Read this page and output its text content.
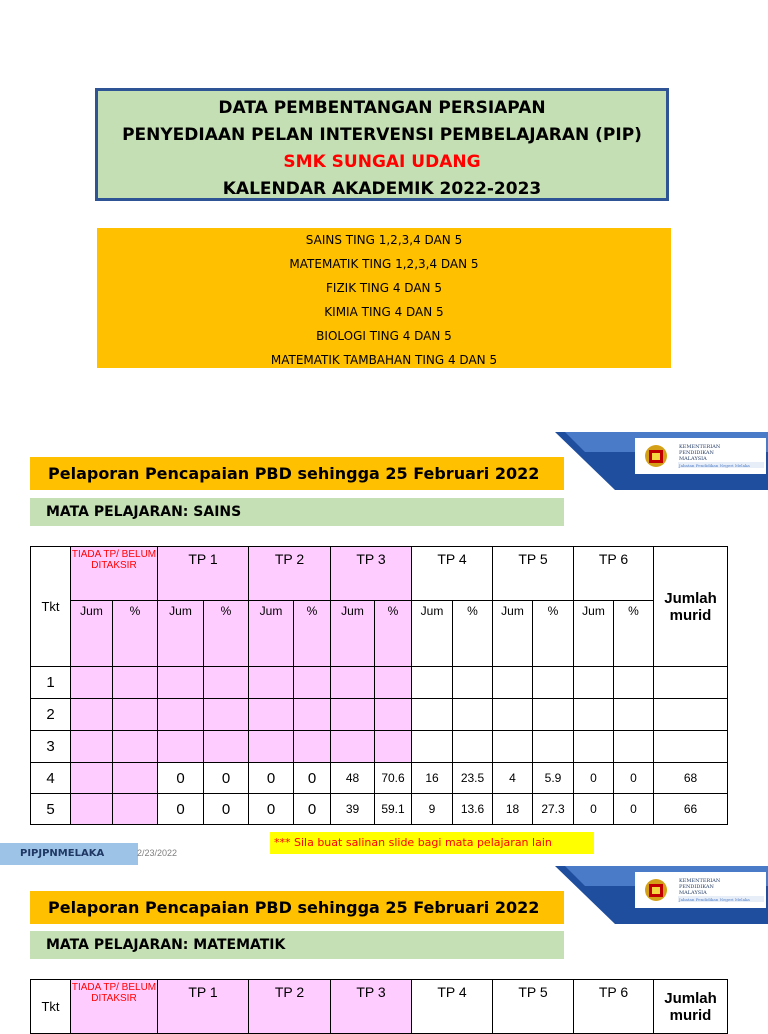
DATA PEMBENTANGAN PERSIAPAN
PENYEDIAAN PELAN INTERVENSI PEMBELAJARAN (PIP)
SMK SUNGAI UDANG
KALENDAR AKADEMIK 2022-2023
SAINS TING 1,2,3,4 DAN 5
MATEMATIK TING 1,2,3,4 DAN 5
FIZIK TING 4 DAN 5
KIMIA TING 4 DAN 5
BIOLOGI TING 4 DAN 5
MATEMATIK TAMBAHAN TING 4 DAN 5
KEMENTERIAN
PENDIDIKAN
MALAYSIA
Jabatan Pendidikan Negeri Melaka
Pelaporan Pencapaian PBD sehingga 25 Februari 2022
MATA PELAJARAN: SAINS
Tkt	TIADA TP/ BELUM DITAKSIR		TP 1		TP 2		TP 3		TP 4		TP 5		TP 6		Jumlah murid
	Jum	%	Jum	%	Jum	%	Jum	%	Jum	%	Jum	%	Jum	%	
1															
2															
3															
4			0	0	0	0	48	70.6	16	23.5	4	5.9	0	0	68
5			0	0	0	0	39	59.1	9	13.6	18	27.3	0	0	66
*** Sila buat salinan slide bagi mata pelajaran lain
PIPJPNMELAKA	2/23/2022
KEMENTERIAN
PENDIDIKAN
MALAYSIA
Jabatan Pendidikan Negeri Melaka
Pelaporan Pencapaian PBD sehingga 25 Februari 2022
MATA PELAJARAN: MATEMATIK
Tkt	TIADA TP/ BELUM DITAKSIR	TP 1	TP 2	TP 3	TP 4	TP 5	TP 6	Jumlah murid
